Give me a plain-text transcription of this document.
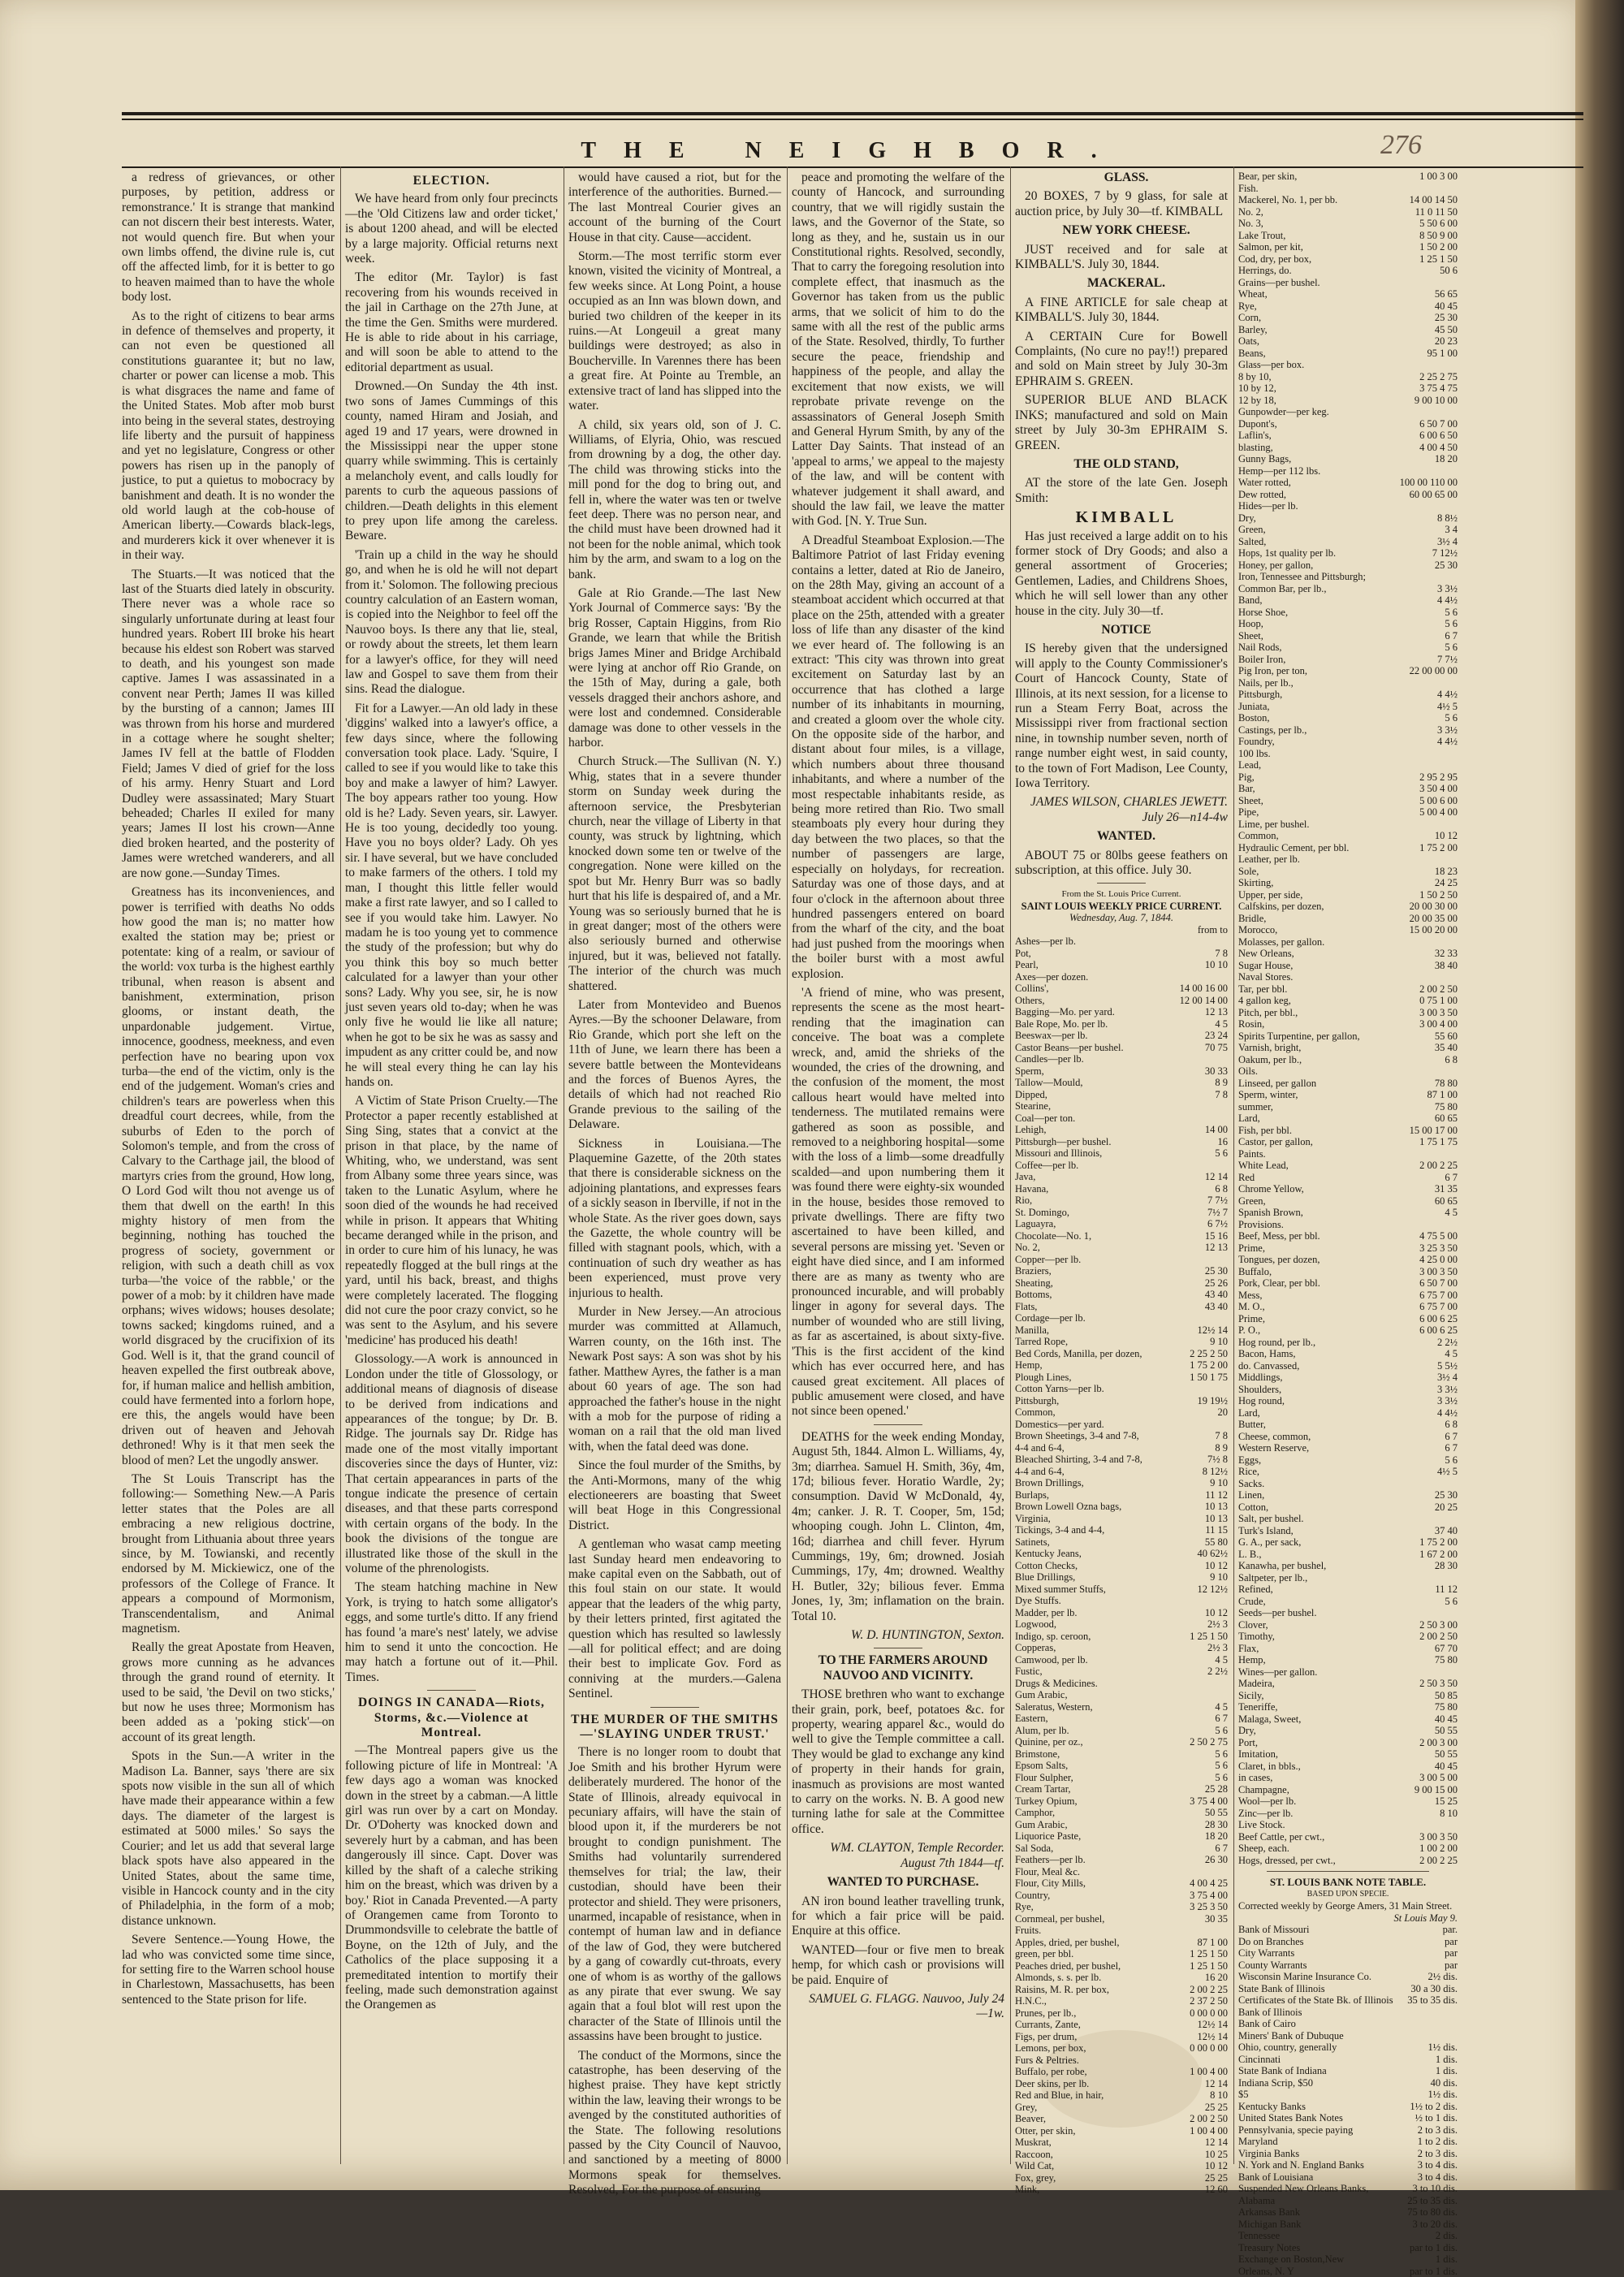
THE NEIGHBOR.	276

a redress of grievances, or other purposes, by petition, address or remonstrance.' It is strange that mankind can not discern their best interests. Water, not would quench fire. But when your own limbs offend, the divine rule is, cut off the affected limb, for it is better to go to heaven maimed than to have the whole body lost.

As to the right of citizens to bear arms in defence of themselves and property, it can not even be questioned all constitutions guarantee it; but no law, charter or power can license a mob. This is what disgraces the name and fame of the United States. Mob after mob burst into being in the several states, destroying life liberty and the pursuit of happiness and yet no legislature, Congress or other powers has risen up in the panoply of justice, to put a quietus to mobocracy by banishment and death. It is no wonder the old world laugh at the cob-house of American liberty.—Cowards black-legs, and murderers kick it over whenever it is in their way.

The Stuarts.—It was noticed that the last of the Stuarts died lately in obscurity. There never was a whole race so singularly unfortunate during at least four hundred years. Robert III broke his heart because his eldest son Robert was starved to death, and his youngest son made captive. James I was assassinated in a convent near Perth; James II was killed by the bursting of a cannon; James III was thrown from his horse and murdered in a cottage where he sought shelter; James IV fell at the battle of Flodden Field; James V died of grief for the loss of his army. Henry Stuart and Lord Dudley were assassinated; Mary Stuart beheaded; Charles II exiled for many years; James II lost his crown—Anne died broken hearted, and the posterity of James were wretched wanderers, and all are now gone.—Sunday Times.

Greatness has its inconveniences, and power is terrified with deaths No odds how good the man is; no matter how exalted the station may be; priest or potentate: king of a realm, or saviour of the world: vox turba is the highest earthly tribunal, when reason is absent and banishment, extermination, prison glooms, or instant death, the unpardonable judgement. Virtue, innocence, goodness, meekness, and even perfection have no bearing upon vox turba—the end of the victim, only is the end of the judgement. Woman's cries and children's tears are powerless when this dreadful court decrees, while, from the suburbs of Eden to the porch of Solomon's temple, and from the cross of Calvary to the Carthage jail, the blood of martyrs cries from the ground, How long, O Lord God wilt thou not avenge us of them that dwell on the earth! In this mighty history of men from the beginning, nothing has touched the progress of society, government or religion, with such a death chill as vox turba—'the voice of the rabble,' or the power of a mob: by it children have made orphans; wives widows; houses desolate; towns sacked; kingdoms ruined, and a world disgraced by the crucifixion of its God. Well is it, that the grand council of heaven expelled the first outbreak above, for, if human malice and hellish ambition, could have fermented into a forlorn hope, ere this, the angels would have been driven out of heaven and Jehovah dethroned! Why is it that men seek the blood of men? Let the ungodly answer.

The St Louis Transcript has the following:— Something New.—A Paris letter states that the Poles are all embracing a new religious doctrine, brought from Lithuania about three years since, by M. Towianski, and recently endorsed by M. Mickiewicz, one of the professors of the College of France. It appears a compound of Mormonism, Transcendentalism, and Animal magnetism.

Really the great Apostate from Heaven, grows more cunning as he advances through the grand round of eternity. It used to be said, 'the Devil on two sticks,' but now he uses three; Mormonism has been added as a 'poking stick'—on account of its great length.

Spots in the Sun.—A writer in the Madison La. Banner, says 'there are six spots now visible in the sun all of which have made their appearance within a few days. The diameter of the largest is estimated at 5000 miles.' So says the Courier; and let us add that several large black spots have also appeared in the United States, about the same time, visible in Hancock county and in the city of Philadelphia, in the form of a mob; distance unknown.

Severe Sentence.—Young Howe, the lad who was convicted some time since, for setting fire to the Warren school house in Charlestown, Massachusetts, has been sentenced to the State prison for life.

ELECTION.

We have heard from only four precincts—the 'Old Citizens law and order ticket,' is about 1200 ahead, and will be elected by a large majority. Official returns next week.

The editor (Mr. Taylor) is fast recovering from his wounds received in the jail in Carthage on the 27th June, at the time the Gen. Smiths were murdered. He is able to ride about in his carriage, and will soon be able to attend to the editorial department as usual.

Drowned.—On Sunday the 4th inst. two sons of James Cummings of this county, named Hiram and Josiah, and aged 19 and 17 years, were drowned in the Mississippi near the upper stone quarry while swimming. This is certainly a melancholy event, and calls loudly for parents to curb the aqueous passions of children.—Death delights in this element to prey upon life among the careless. Beware.

'Train up a child in the way he should go, and when he is old he will not depart from it.' Solomon. The following precious country calculation of an Eastern woman, is copied into the Neighbor to feel off the Nauvoo boys. Is there any that lie, steal, or rowdy about the streets, let them learn for a lawyer's office, for they will need law and Gospel to save them from their sins. Read the dialogue.

Fit for a Lawyer.—An old lady in these 'diggins' walked into a lawyer's office, a few days since, where the following conversation took place. Lady. 'Squire, I called to see if you would like to take this boy and make a lawyer of him? Lawyer. The boy appears rather too young. How old is he? Lady. Seven years, sir. Lawyer. He is too young, decidedly too young. Have you no boys older? Lady. Oh yes sir. I have several, but we have concluded to make farmers of the others. I told my man, I thought this little feller would make a first rate lawyer, and so I called to see if you would take him. Lawyer. No madam he is too young yet to commence the study of the profession; but why do you think this boy so much better calculated for a lawyer than your other sons? Lady. Why you see, sir, he is now just seven years old to-day; when he was only five he would lie like all nature; when he got to be six he was as sassy and impudent as any critter could be, and now he will steal every thing he can lay his hands on.

A Victim of State Prison Cruelty.—The Protector a paper recently established at Sing Sing, states that a convict at the prison in that place, by the name of Whiting, who, we understand, was sent from Albany some three years since, was taken to the Lunatic Asylum, where he soon died of the wounds he had received while in prison. It appears that Whiting became deranged while in the prison, and in order to cure him of his lunacy, he was repeatedly flogged at the bull rings at the yard, until his back, breast, and thighs were completely lacerated. The flogging did not cure the poor crazy convict, so he was sent to the Asylum, and his severe 'medicine' has produced his death!

Glossology.—A work is announced in London under the title of Glossology, or additional means of diagnosis of disease to be derived from indications and appearances of the tongue; by Dr. B. Ridge. The journals say Dr. Ridge has made one of the most vitally important discoveries since the days of Hunter, viz: That certain appearances in parts of the tongue indicate the presence of certain diseases, and that these parts correspond with certain organs of the body. In the book the divisions of the tongue are illustrated like those of the skull in the volume of the phrenologists.

The steam hatching machine in New York, is trying to hatch some alligator's eggs, and some turtle's ditto. If any friend has found 'a mare's nest' lately, we advise him to send it unto the concoction. He may hatch a fortune out of it.—Phil. Times.

DOINGS IN CANADA—Riots, Storms, &c.—Violence at Montreal.

—The Montreal papers give us the following picture of life in Montreal: 'A few days ago a woman was knocked down in the street by a cabman.—A little girl was run over by a cart on Monday. Dr. O'Doherty was knocked down and severely hurt by a cabman, and has been dangerously ill since. Capt. Dover was killed by the shaft of a caleche striking him on the breast, which was driven by a boy.' Riot in Canada Prevented.—A party of Orangemen came from Toronto to Drummondsville to celebrate the battle of Boyne, on the 12th of July, and the Catholics of the place supposing it a premeditated intention to mortify their feeling, made such demonstration against the Orangemen as

would have caused a riot, but for the interference of the authorities. Burned.—The last Montreal Courier gives an account of the burning of the Court House in that city. Cause—accident.

Storm.—The most terrific storm ever known, visited the vicinity of Montreal, a few weeks since. At Long Point, a house occupied as an Inn was blown down, and buried two children of the keeper in its ruins.—At Longeuil a great many buildings were destroyed; as also in Boucherville. In Varennes there has been a great fire. At Pointe au Tremble, an extensive tract of land has slipped into the water.

A child, six years old, son of J. C. Williams, of Elyria, Ohio, was rescued from drowning by a dog, the other day. The child was throwing sticks into the mill pond for the dog to bring out, and fell in, where the water was ten or twelve feet deep. There was no person near, and the child must have been drowned had it not been for the noble animal, which took him by the arm, and swam to a log on the bank.

Gale at Rio Grande.—The last New York Journal of Commerce says: 'By the brig Rosser, Captain Higgins, from Rio Grande, we learn that while the British brigs James Miner and Bridge Archibald were lying at anchor off Rio Grande, on the 15th of May, during a gale, both vessels dragged their anchors ashore, and were lost and condemned. Considerable damage was done to other vessels in the harbor.

Church Struck.—The Sullivan (N. Y.) Whig, states that in a severe thunder storm on Sunday week during the afternoon service, the Presbyterian church, near the village of Liberty in that county, was struck by lightning, which knocked down some ten or twelve of the congregation. None were killed on the spot but Mr. Henry Burr was so badly hurt that his life is despaired of, and a Mr. Young was so seriously burned that he is in great danger; most of the others were also seriously burned and otherwise injured, but it was, believed not fatally. The interior of the church was much shattered.

Later from Montevideo and Buenos Ayres.—By the schooner Delaware, from Rio Grande, which port she left on the 11th of June, we learn there has been a severe battle between the Montevideans and the forces of Buenos Ayres, the details of which had not reached Rio Grande previous to the sailing of the Delaware.

Sickness in Louisiana.—The Plaquemine Gazette, of the 20th states that there is considerable sickness on the adjoining plantations, and expresses fears of a sickly season in Iberville, if not in the whole State. As the river goes down, says the Gazette, the whole country will be filled with stagnant pools, which, with a continuation of such dry weather as has been experienced, must prove very injurious to health.

Murder in New Jersey.—An atrocious murder was committed at Allamuch, Warren county, on the 16th inst. The Newark Post says: A son was shot by his father. Matthew Ayres, the father is a man about 60 years of age. The son had approached the father's house in the night with a mob for the purpose of riding a woman on a rail that the old man lived with, when the fatal deed was done.

Since the foul murder of the Smiths, by the Anti-Mormons, many of the whig electioneerers are boasting that Sweet will beat Hoge in this Congressional District.

A gentleman who wasat camp meeting last Sunday heard men endeavoring to make capital even on the Sabbath, out of this foul stain on our state. It would appear that the leaders of the whig party, by their letters printed, first agitated the question which has resulted so lawlessly—all for political effect; and are doing their best to implicate Gov. Ford as conniving at the murders.—Galena Sentinel.

THE MURDER OF THE SMITHS—'SLAYING UNDER TRUST.'

There is no longer room to doubt that Joe Smith and his brother Hyrum were deliberately murdered. The honor of the State of Illinois, already equivocal in pecuniary affairs, will have the stain of blood upon it, if the murderers be not brought to condign punishment. The Smiths had voluntarily surrendered themselves for trial; the law, their custodian, should have been their protector and shield. They were prisoners, unarmed, incapable of resistance, when in contempt of human law and in defiance of the law of God, they were butchered by a gang of cowardly cut-throats, every one of whom is as worthy of the gallows as any pirate that ever swung. We say again that a foul blot will rest upon the character of the State of Illinois until the assassins have been brought to justice.

The conduct of the Mormons, since the catastrophe, has been deserving of the highest praise. They have kept strictly within the law, leaving their wrongs to be avenged by the constituted authorities of the State. The following resolutions passed by the City Council of Nauvoo, and sanctioned by a meeting of 8000 Mormons speak for themselves. Resolved, For the purpose of ensuring

peace and promoting the welfare of the county of Hancock, and surrounding country, that we will rigidly sustain the laws, and the Governor of the State, so long as they, and he, sustain us in our Constitutional rights. Resolved, secondly, That to carry the foregoing resolution into complete effect, that inasmuch as the Governor has taken from us the public arms, that we solicit of him to do the same with all the rest of the public arms of the State. Resolved, thirdly, To further secure the peace, friendship and happiness of the people, and allay the excitement that now exists, we will reprobate private revenge on the assassinators of General Joseph Smith and General Hyrum Smith, by any of the Latter Day Saints. That instead of an 'appeal to arms,' we appeal to the majesty of the law, and will be content with whatever judgement it shall award, and should the law fail, we leave the matter with God. [N. Y. True Sun.

A Dreadful Steamboat Explosion.—The Baltimore Patriot of last Friday evening contains a letter, dated at Rio de Janeiro, on the 28th May, giving an account of a steamboat accident which occurred at that place on the 25th, attended with a greater loss of life than any disaster of the kind we ever heard of. The following is an extract: 'This city was thrown into great excitement on Saturday last by an occurrence that has clothed a large number of its inhabitants in mourning, and created a gloom over the whole city. On the opposite side of the harbor, and distant about four miles, is a village, which numbers about three thousand inhabitants, and where a number of the most respectable inhabitants reside, as being more retired than Rio. Two small steamboats ply every hour during they day between the two places, so that the number of passengers are large, especially on holydays, for recreation. Saturday was one of those days, and at four o'clock in the afternoon about three hundred passengers entered on board from the wharf of the city, and the boat had just pushed from the moorings when the boiler burst with a most awful explosion.

'A friend of mine, who was present, represents the scene as the most heart-rending that the imagination can conceive. The boat was a complete wreck, and, amid the shrieks of the wounded, the cries of the drowning, and the confusion of the moment, the most callous heart would have melted into tenderness. The mutilated remains were gathered as soon as possible, and removed to a neighboring hospital—some with the loss of a limb—some dreadfully scalded—and upon numbering them it was found there were eighty-six wounded in the house, besides those removed to private dwellings. There are fifty two ascertained to have been killed, and several persons are missing yet. 'Seven or eight have died since, and I am informed there are as many as twenty who are pronounced incurable, and will probably linger in agony for several days. The number of wounded who are still living, as far as ascertained, is about sixty-five. 'This is the first accident of the kind which has ever occurred here, and has caused great excitement. All places of public amusement were closed, and have not since been opened.'

DEATHS for the week ending Monday, August 5th, 1844. Almon L. Williams, 4y, 3m; diarrhea. Samuel H. Smith, 36y, 4m, 17d; bilious fever. Horatio Wardle, 2y; consumption. David W McDonald, 4y, 4m; canker. J. R. T. Cooper, 5m, 15d; whooping cough. John L. Clinton, 4m, 16d; diarrhea and chill fever. Hyrum Cummings, 19y, 6m; drowned. Josiah Cummings, 17y, 4m; drowned. Wealthy H. Butler, 32y; bilious fever. Emma Jones, 1y, 3m; inflamation on the brain. Total 10.

W. D. HUNTINGTON, Sexton.

TO THE FARMERS AROUND NAUVOO AND VICINITY.

THOSE brethren who want to exchange their grain, pork, beef, potatoes &c. for property, wearing apparel &c., would do well to give the Temple committee a call. They would be glad to exchange any kind of property in their hands for grain, inasmuch as provisions are most wanted to carry on the works. N. B. A good new turning lathe for sale at the Committee office.

WM. CLAYTON, Temple Recorder. August 7th 1844—tf.

WANTED TO PURCHASE.

AN iron bound leather travelling trunk, for which a fair price will be paid. Enquire at this office.

WANTED—four or five men to break hemp, for which cash or provisions will be paid. Enquire of

SAMUEL G. FLAGG. Nauvoo, July 24—1w.

GLASS.

20 BOXES, 7 by 9 glass, for sale at auction price, by July 30—tf. KIMBALL

NEW YORK CHEESE.

JUST received and for sale at KIMBALL'S. July 30, 1844.

MACKERAL.

A FINE ARTICLE for sale cheap at KIMBALL'S. July 30, 1844.

A CERTAIN Cure for Bowell Complaints, (No cure no pay!!) prepared and sold on Main street by July 30-3m EPHRAIM S. GREEN.

SUPERIOR BLUE AND BLACK INKS; manufactured and sold on Main street by July 30-3m EPHRAIM S. GREEN.

THE OLD STAND,

AT the store of the late Gen. Joseph Smith:

KIMBALL

Has just received a large addit on to his former stock of Dry Goods; and also a general assortment of Groceries; Gentlemen, Ladies, and Childrens Shoes, which he will sell lower than any other house in the city. July 30—tf.

NOTICE

IS hereby given that the undersigned will apply to the County Commissioner's Court of Hancock County, State of Illinois, at its next session, for a license to run a Steam Ferry Boat, across the Mississippi river from fractional section nine, in township number seven, north of range number eight west, in said county, to the town of Fort Madison, Lee County, Iowa Territory.

JAMES WILSON, CHARLES JEWETT. July 26—n14-4w

WANTED.

ABOUT 75 or 80lbs geese feathers on subscription, at this office. July 30.

From the St. Louis Price Current.
SAINT LOUIS WEEKLY PRICE CURRENT.
Wednesday, Aug. 7, 1844.
from to
Ashes—per lb.
Pot,	7 8
Pearl,	10 10
Axes—per dozen.
Collins',	14 00 16 00
Others,	12 00 14 00
Bagging—Mo. per yard.	12 13
Bale Rope, Mo. per lb.	4 5
Beeswax—per lb.	23 24
Castor Beans—per bushel.	70 75
Candles—per lb.
Sperm,	30 33
Tallow—Mould,	8 9
Dipped,	7 8
Stearine,
Coal—per ton.
Lehigh,	14 00
Pittsburgh—per bushel.	16
Missouri and Illinois,	5 6
Coffee—per lb.
Java,	12 14
Havana,	6 8
Rio,	7 7½
St. Domingo,	7½ 7
Laguayra,	6 7½
Chocolate—No. 1,	15 16
No. 2,	12 13
Copper—per lb.
Braziers,	25 30
Sheating,	25 26
Bottoms,	43 40
Flats,	43 40
Cordage—per lb.
Manilla,	12½ 14
Tarred Rope,	9 10
Bed Cords, Manilla, per dozen,	2 25 2 50
Hemp,	1 75 2 00
Plough Lines,	1 50 1 75
Cotton Yarns—per lb.
Pittsburgh,	19 19½
Common,	20
Domestics—per yard.
Brown Sheetings, 3-4 and 7-8,	7 8
4-4 and 6-4,	8 9
Bleached Shirting, 3-4 and 7-8,	7½ 8
4-4 and 6-4,	8 12½
Brown Drillings,	9 10
Burlaps,	11 12
Brown Lowell Ozna bags,	10 13
Virginia,	10 13
Tickings, 3-4 and 4-4,	11 15
Satinets,	55 80
Kentucky Jeans,	40 62½
Cotton Checks,	10 12
Blue Drillings,	9 10
Mixed summer Stuffs,	12 12½
Dye Stuffs.
Madder, per lb.	10 12
Logwood,	2½ 3
Indigo, sp. ceroon,	1 25 1 50
Copperas,	2½ 3
Camwood, per lb.	4 5
Fustic,	2 2½
Drugs & Medicines.
Gum Arabic,
Saleratus, Western,	4 5
Eastern,	6 7
Alum, per lb.	5 6
Quinine, per oz.,	2 50 2 75
Brimstone,	5 6
Epsom Salts,	5 6
Flour Sulpher,	5 6
Cream Tartar,	25 28
Turkey Opium,	3 75 4 00
Camphor,	50 55
Gum Arabic,	28 30
Liquorice Paste,	18 20
Sal Soda,	6 7
Feathers—per lb.	26 30
Flour, Meal &c.
Flour, City Mills,	4 00 4 25
Country,	3 75 4 00
Rye,	3 25 3 50
Cornmeal, per bushel,	30 35
Fruits.
Apples, dried, per bushel,	87 1 00
green, per bbl.	1 25 1 50
Peaches dried, per bushel,	1 25 1 50
Almonds, s. s. per lb.	16 20
Raisins, M. R. per box,	2 00 2 25
H.N.C.,	2 37 2 50
Prunes, per lb.,	0 00 0 00
Currants, Zante,	12½ 14
Figs, per drum,	12½ 14
Lemons, per box,	0 00 0 00
Furs & Peltries.
Buffalo, per robe,	1 00 4 00
Deer skins, per lb.	12 14
Red and Blue, in hair,	8 10
Grey,	25 25
Beaver,	2 00 2 50
Otter, per skin,	1 00 4 00
Muskrat,	12 14
Raccoon,	10 25
Wild Cat,	10 12
Fox, grey,	25 25
Mink,	12 60
Bear, per skin,	1 00 3 00
Fish.
Mackerel, No. 1, per bb.	14 00 14 50
No. 2,	11 0 11 50
No. 3,	5 50 6 00
Lake Trout,	8 50 9 00
Salmon, per kit,	1 50 2 00
Cod, dry, per box,	1 25 1 50
Herrings, do.	50 6
Grains—per bushel.
Wheat,	56 65
Rye,	40 45
Corn,	25 30
Barley,	45 50
Oats,	20 23
Beans,	95 1 00
Glass—per box.
8 by 10,	2 25 2 75
10 by 12,	3 75 4 75
12 by 18,	9 00 10 00
Gunpowder—per keg.
Dupont's,	6 50 7 00
Laflin's,	6 00 6 50
blasting,	4 00 4 50
Gunny Bags,	18 20
Hemp—per 112 lbs.
Water rotted,	100 00 110 00
Dew rotted,	60 00 65 00
Hides—per lb.
Dry,	8 8½
Green,	3 4
Salted,	3½ 4
Hops, 1st quality per lb.	7 12½
Honey, per gallon,	25 30
Iron, Tennessee and Pittsburgh;
Common Bar, per lb.,	3 3½
Band,	4 4½
Horse Shoe,	5 6
Hoop,	5 6
Sheet,	6 7
Nail Rods,	5 6
Boiler Iron,	7 7½
Pig Iron, per ton,	22 00 00 00
Nails, per lb.,
Pittsburgh,	4 4½
Juniata,	4½ 5
Boston,	5 6
Castings, per lb.,	3 3½
Foundry,	4 4½
100 lbs.
Lead,
Pig,	2 95 2 95
Bar,	3 50 4 00
Sheet,	5 00 6 00
Pipe,	5 00 4 00
Lime, per bushel.
Common,	10 12
Hydraulic Cement, per bbl.	1 75 2 00
Leather, per lb.
Sole,	18 23
Skirting,	24 25
Upper, per side,	1 50 2 50
Calfskins, per dozen,	20 00 30 00
Bridle,	20 00 35 00
Morocco,	15 00 20 00
Molasses, per gallon.
New Orleans,	32 33
Sugar House,	38 40
Naval Stores.
Tar, per bbl.	2 00 2 50
4 gallon keg,	0 75 1 00
Pitch, per bbl.,	3 00 3 50
Rosin,	3 00 4 00
Spirits Turpentine, per gallon,	55 60
Varnish, bright,	35 40
Oakum, per lb.,	6 8
Oils.
Linseed, per gallon	78 80
Sperm, winter,	87 1 00
summer,	75 80
Lard,	60 65
Fish, per bbl.	15 00 17 00
Castor, per gallon,	1 75 1 75
Paints.
White Lead,	2 00 2 25
Red	6 7
Chrome Yellow,	31 35
Green,	60 65
Spanish Brown,	4 5
Provisions.
Beef, Mess, per bbl.	4 75 5 00
Prime,	3 25 3 50
Tongues, per dozen,	4 25 0 00
Buffalo,	3 00 3 50
Pork, Clear, per bbl.	6 50 7 00
Mess,	6 75 7 00
M. O.,	6 75 7 00
Prime,	6 00 6 25
P. O.,	6 00 6 25
Hog round, per lb.,	2 2½
Bacon, Hams,	4 5
do. Canvassed,	5 5½
Middlings,	3½ 4
Shoulders,	3 3½
Hog round,	3 3½
Lard,	4 4½
Butter,	6 8
Cheese, common,	6 7
Western Reserve,	6 7
Eggs,	5 6
Rice,	4½ 5
Sacks.
Linen,	25 30
Cotton,	20 25
Salt, per bushel.
Turk's Island,	37 40
G. A., per sack,	1 75 2 00
L. B.,	1 67 2 00
Kanawha, per bushel,	28 30
Saltpeter, per lb.,
Refined,	11 12
Crude,	5 6
Seeds—per bushel.
Clover,	2 50 3 00
Timothy,	2 00 2 50
Flax,	67 70
Hemp,	75 80
Wines—per gallon.
Madeira,	2 50 3 50
Sicily,	50 85
Teneriffe,	75 80
Malaga, Sweet,	40 45
Dry,	50 55
Port,	2 00 3 00
Imitation,	50 55
Claret, in bbls.,	40 45
in cases,	3 00 5 00
Champagne,	9 00 15 00
Wool—per lb.	15 25
Zinc—per lb.	8 10
Live Stock.
Beef Cattle, per cwt.,	3 00 3 50
Sheep, each.	1 00 2 00
Hogs, dressed, per cwt.,	2 00 2 25
ST. LOUIS BANK NOTE TABLE.
BASED UPON SPECIE.
Corrected weekly by George Amers, 31 Main Street.
St Louis May 9.
Bank of Missouri	par.
Do on Branches	par
City Warrants	par
County Warrants	par
Wisconsin Marine Insurance Co.	2½ dis.
State Bank of Illinois	30 a 30 dis.
Certificates of the State Bk. of Illinois 35 to 35 dis.
Bank of Illinois
Bank of Cairo
Miners' Bank of Dubuque
Ohio, country, generally	1½ dis.
Cincinnati	1 dis.
State Bank of Indiana	1 dis.
Indiana Scrip, $50	40 dis.
$5	1½ dis.
Kentucky Banks	1½ to 2 dis.
United States Bank Notes	½ to 1 dis.
Pennsylvania, specie paying	2 to 3 dis.
Maryland	1 to 2 dis.
Virginia Banks	2 to 3 dis.
N. York and N. England Banks	3 to 4 dis.
Bank of Louisiana	3 to 4 dis.
Suspended New Orleans Banks,	3 to 10 dis.
Alabama	25 to 35 dis.
Arkansas Bank	75 to 80 dis.
Michigan Bank	3 to 20 dis.
Tennessee	2 dis.
Treasury Notes	par to 1 dis.
Exchange on Boston,New	1 dis.
Orleans, N. Y	par to 1 dis.
